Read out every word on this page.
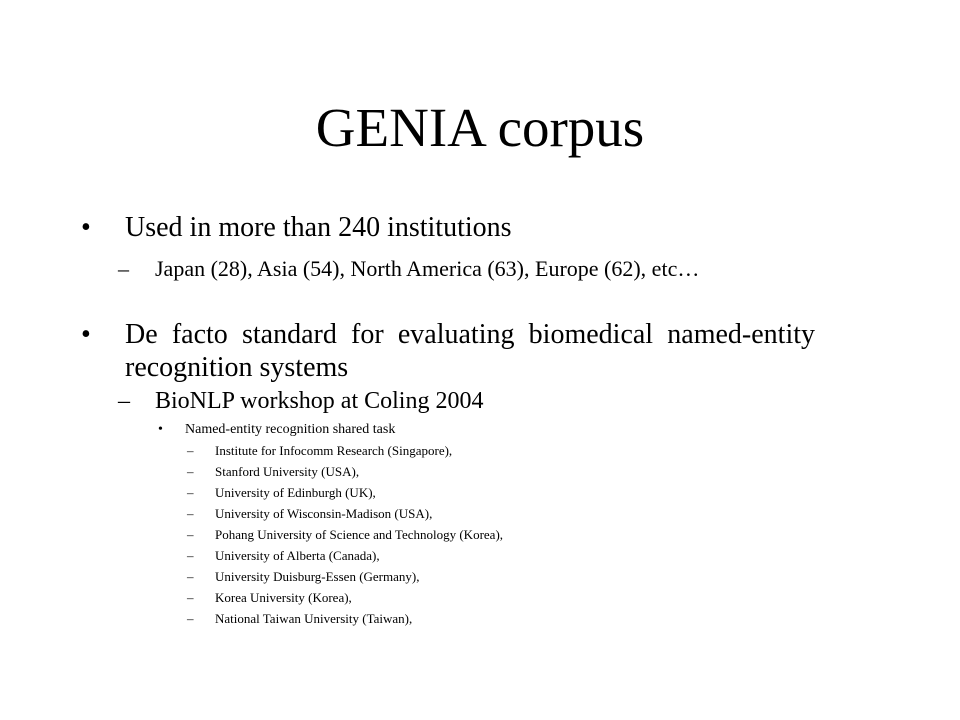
GENIA corpus
• Used in more than 240 institutions
– Japan (28), Asia (54), North America (63), Europe (62), etc…
• De facto standard for evaluating biomedical named-entity recognition systems
– BioNLP workshop at Coling 2004
• Named-entity recognition shared task
– Institute for Infocomm Research (Singapore),
– Stanford University (USA),
– University of Edinburgh (UK),
– University of Wisconsin-Madison (USA),
– Pohang University of Science and Technology (Korea),
– University of Alberta (Canada),
– University Duisburg-Essen (Germany),
– Korea University (Korea),
– National Taiwan University (Taiwan),
